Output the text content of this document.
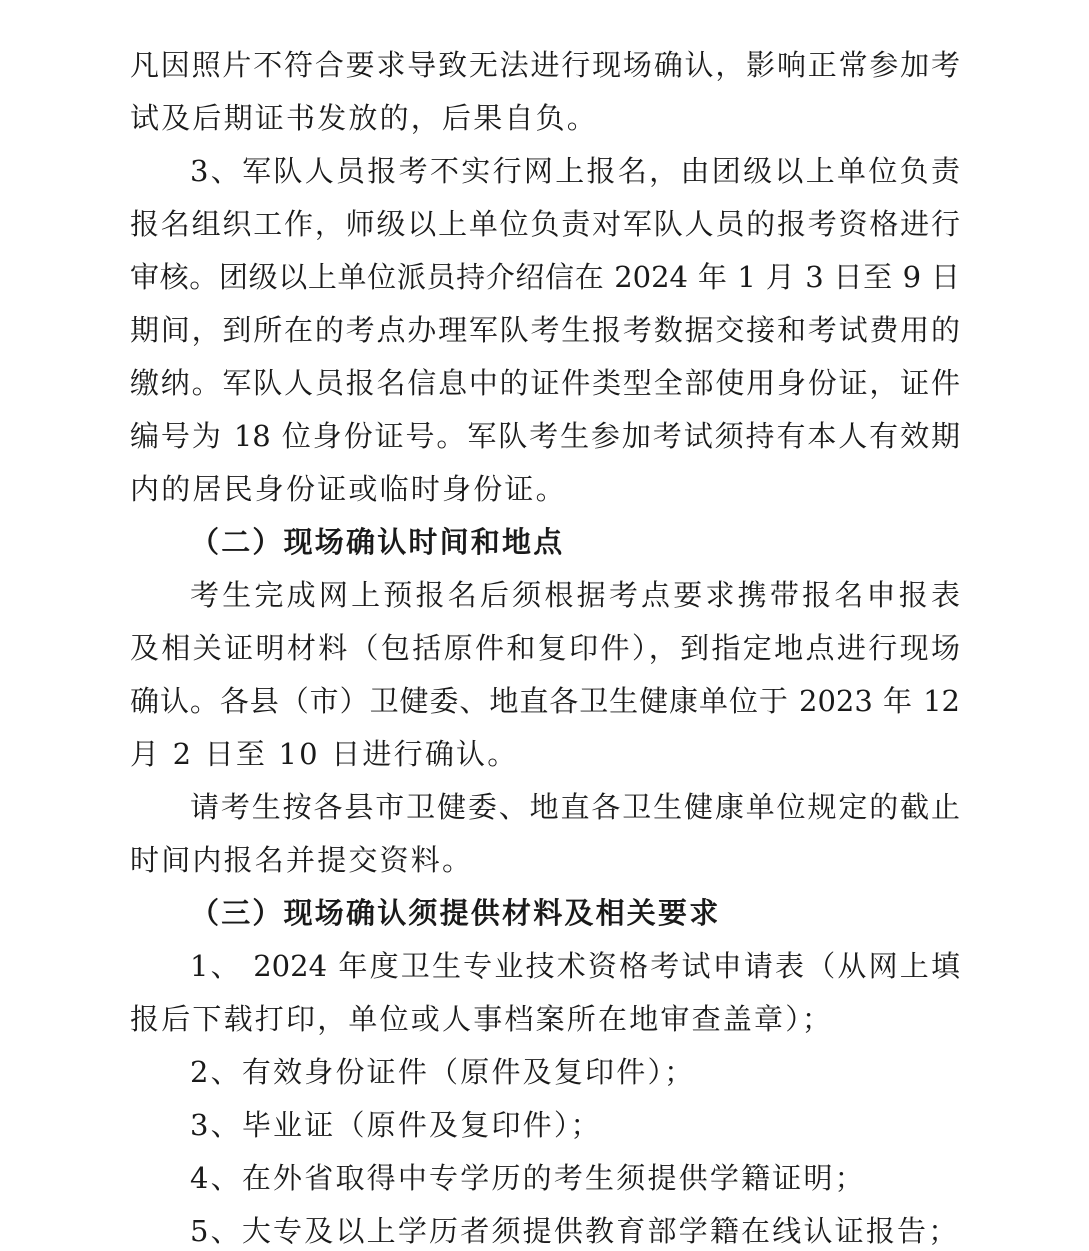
凡因照片不符合要求导致无法进行现场确认，影响正常参加考
试及后期证书发放的，后果自负。
3、军队人员报考不实行网上报名，由团级以上单位负责
报名组织工作，师级以上单位负责对军队人员的报考资格进行
审核。团级以上单位派员持介绍信在 2024 年 1 月 3 日至 9 日
期间，到所在的考点办理军队考生报考数据交接和考试费用的
缴纳。军队人员报名信息中的证件类型全部使用身份证，证件
编号为 18 位身份证号。军队考生参加考试须持有本人有效期
内的居民身份证或临时身份证。
（二）现场确认时间和地点
考生完成网上预报名后须根据考点要求携带报名申报表
及相关证明材料（包括原件和复印件），到指定地点进行现场
确认。各县（市）卫健委、地直各卫生健康单位于 2023 年 12
月 2 日至 10 日进行确认。
请考生按各县市卫健委、地直各卫生健康单位规定的截止
时间内报名并提交资料。
（三）现场确认须提供材料及相关要求
1、 2024 年度卫生专业技术资格考试申请表（从网上填
报后下载打印，单位或人事档案所在地审查盖章）；
2、有效身份证件（原件及复印件）；
3、毕业证（原件及复印件）；
4、在外省取得中专学历的考生须提供学籍证明；
5、大专及以上学历者须提供教育部学籍在线认证报告；
